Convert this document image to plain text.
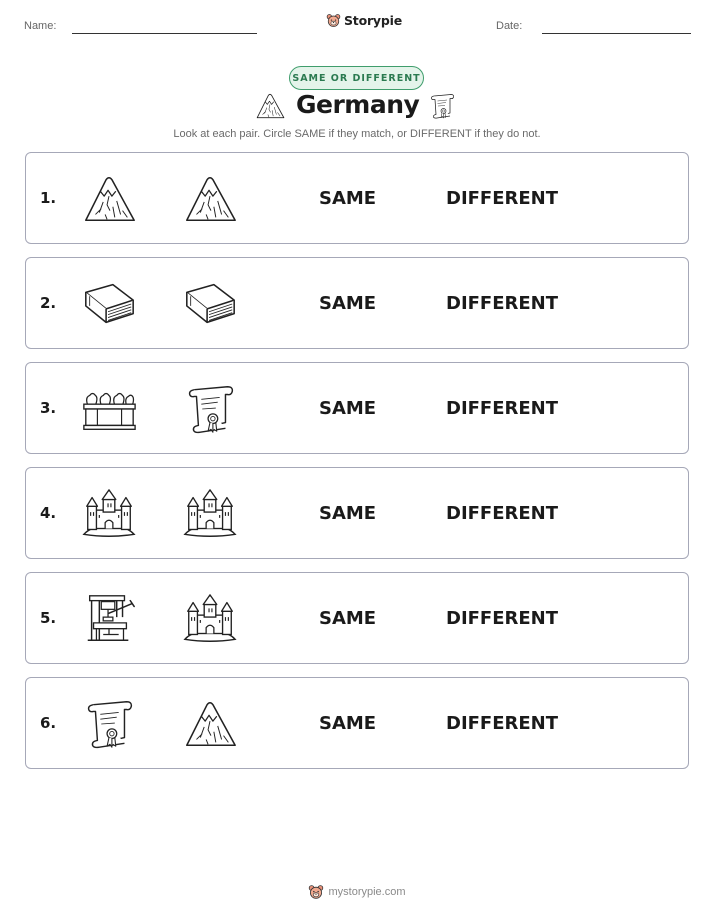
Name:	Storypie	Date:
SAME OR DIFFERENT
Germany
Look at each pair. Circle SAME if they match, or DIFFERENT if they do not.
1.	SAME	DIFFERENT
2.	SAME	DIFFERENT
3.	SAME	DIFFERENT
4.	SAME	DIFFERENT
5.	SAME	DIFFERENT
6.	SAME	DIFFERENT
mystorypie.com
